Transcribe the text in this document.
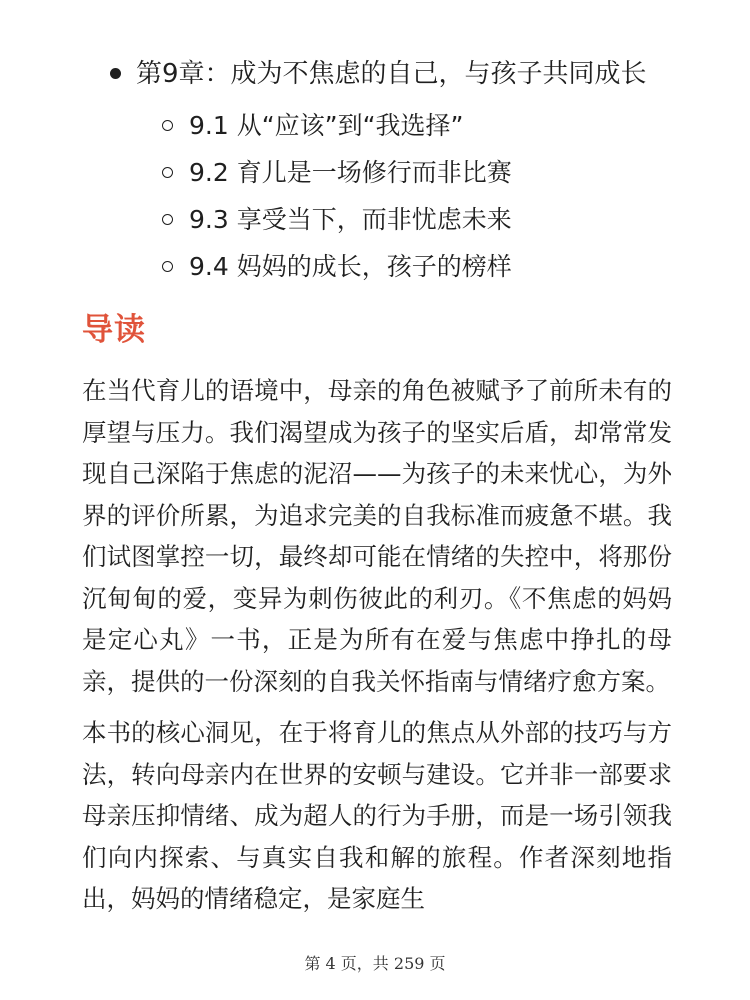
第9章：成为不焦虑的自己，与孩子共同成长
9.1 从“应该”到“我选择”
9.2 育儿是一场修行而非比赛
9.3 享受当下，而非忧虑未来
9.4 妈妈的成长，孩子的榜样
导读

在当代育儿的语境中，母亲的角色被赋予了前所未有的厚望与压力。我们渴望成为孩子的坚实后盾，却常常发现自己深陷于焦虑的泥沼——为孩子的未来忧心，为外界的评价所累，为追求完美的自我标准而疲惫不堪。我们试图掌控一切，最终却可能在情绪的失控中，将那份沉甸甸的爱，变异为刺伤彼此的利刃。《不焦虑的妈妈是定心丸》一书，正是为所有在爱与焦虑中挣扎的母亲，提供的一份深刻的自我关怀指南与情绪疗愈方案。

本书的核心洞见，在于将育儿的焦点从外部的技巧与方法，转向母亲内在世界的安顿与建设。它并非一部要求母亲压抑情绪、成为超人的行为手册，而是一场引领我们向内探索、与真实自我和解的旅程。作者深刻地指出，妈妈的情绪稳定，是家庭生

第 4 页，共 259 页
